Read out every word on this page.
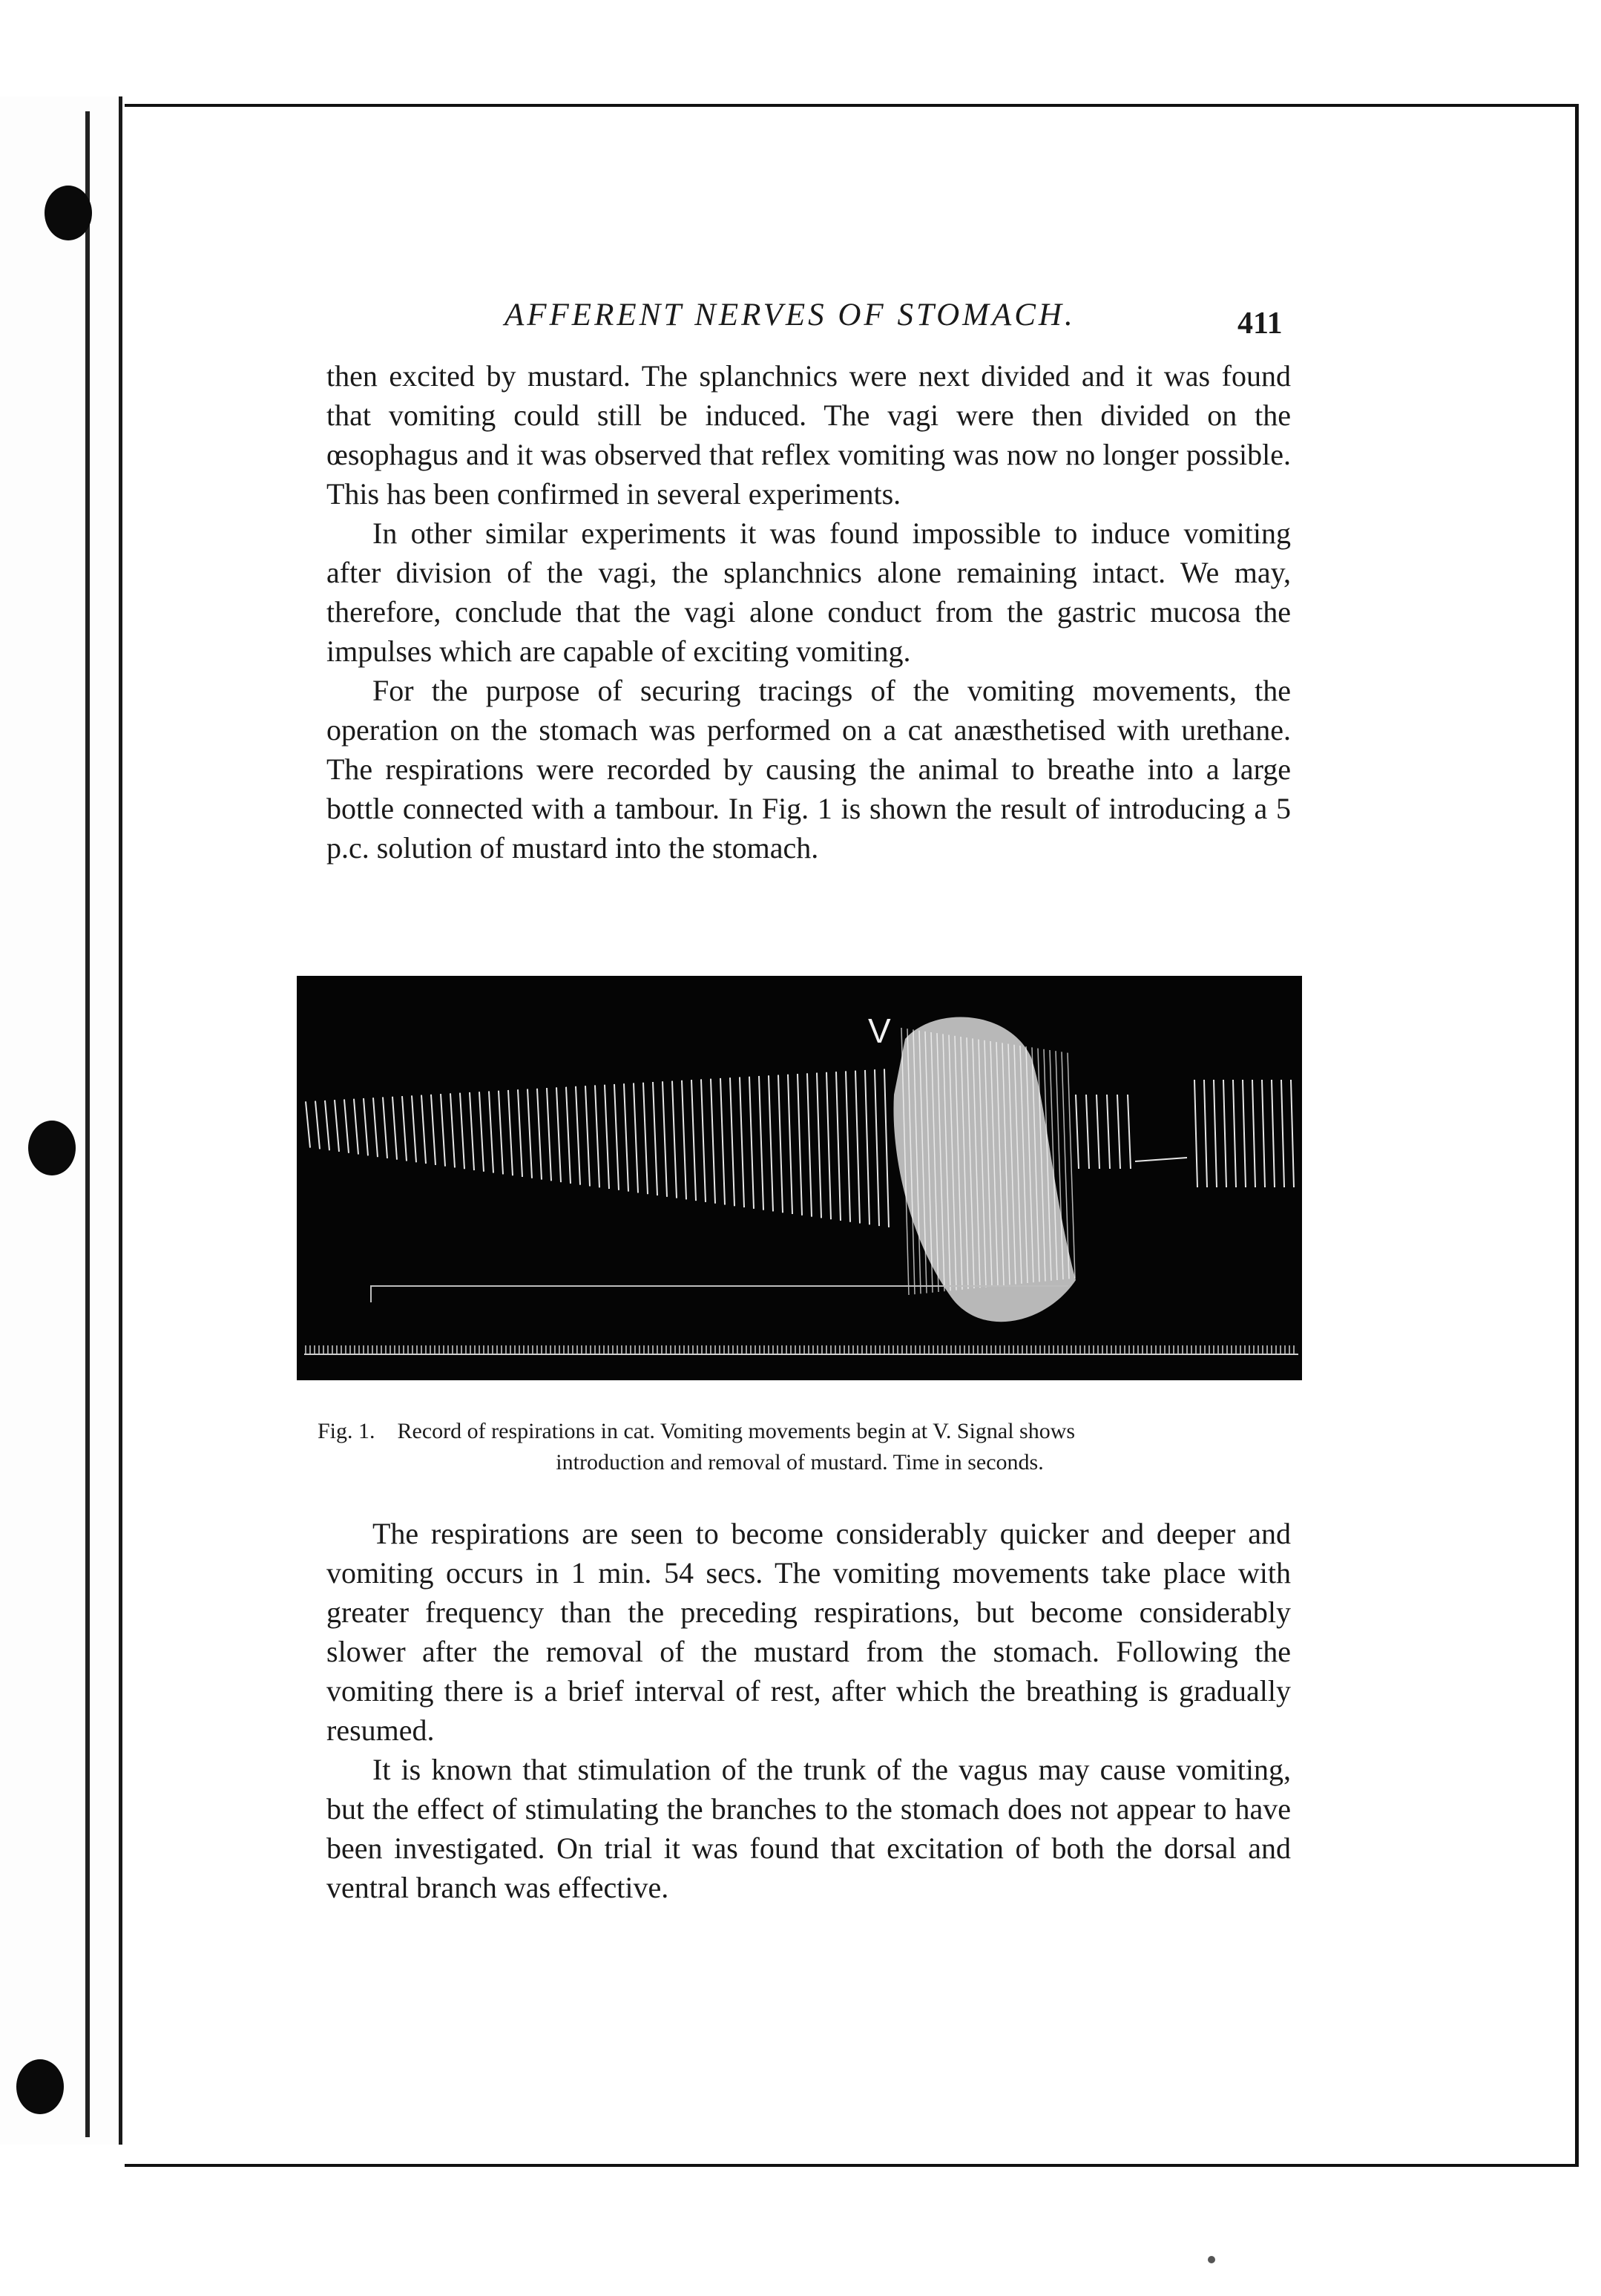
AFFERENT NERVES OF STOMACH.	411

then excited by mustard. The splanchnics were next divided and it was found that vomiting could still be induced. The vagi were then divided on the œsophagus and it was observed that reflex vomiting was now no longer possible. This has been confirmed in several experiments.

In other similar experiments it was found impossible to induce vomiting after division of the vagi, the splanchnics alone remaining intact. We may, therefore, conclude that the vagi alone conduct from the gastric mucosa the impulses which are capable of exciting vomiting.

For the purpose of securing tracings of the vomiting movements, the operation on the stomach was performed on a cat anæsthetised with urethane. The respirations were recorded by causing the animal to breathe into a large bottle connected with a tambour. In Fig. 1 is shown the result of introducing a 5 p.c. solution of mustard into the stomach.

V
Fig. 1. Record of respirations in cat. Vomiting movements begin at V. Signal shows
introduction and removal of mustard. Time in seconds.

The respirations are seen to become considerably quicker and deeper and vomiting occurs in 1 min. 54 secs. The vomiting movements take place with greater frequency than the preceding respirations, but become considerably slower after the removal of the mustard from the stomach. Following the vomiting there is a brief interval of rest, after which the breathing is gradually resumed.

It is known that stimulation of the trunk of the vagus may cause vomiting, but the effect of stimulating the branches to the stomach does not appear to have been investigated. On trial it was found that excitation of both the dorsal and ventral branch was effective.
